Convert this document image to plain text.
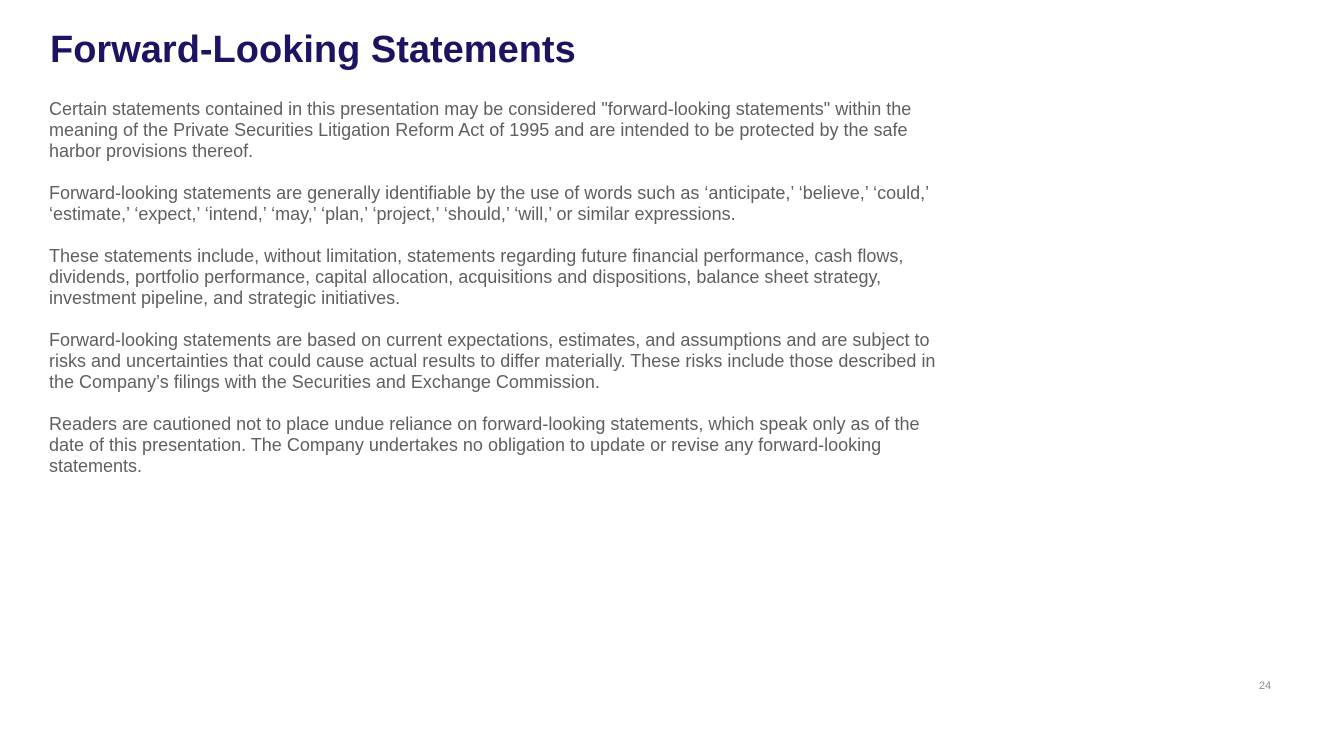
Forward-Looking Statements

Certain statements contained in this presentation may be considered "forward-looking statements" within the meaning of the Private Securities Litigation Reform Act of 1995 and are intended to be protected by the safe harbor provisions thereof.

Forward-looking statements are generally identifiable by the use of words such as ‘anticipate,’ ‘believe,’ ‘could,’ ‘estimate,’ ‘expect,’ ‘intend,’ ‘may,’ ‘plan,’ ‘project,’ ‘should,’ ‘will,’ or similar expressions.

These statements include, without limitation, statements regarding future financial performance, cash flows, dividends, portfolio performance, capital allocation, acquisitions and dispositions, balance sheet strategy, investment pipeline, and strategic initiatives.

Forward-looking statements are based on current expectations, estimates, and assumptions and are subject to risks and uncertainties that could cause actual results to differ materially. These risks include those described in the Company’s filings with the Securities and Exchange Commission.

Readers are cautioned not to place undue reliance on forward-looking statements, which speak only as of the date of this presentation. The Company undertakes no obligation to update or revise any forward-looking statements.

24
